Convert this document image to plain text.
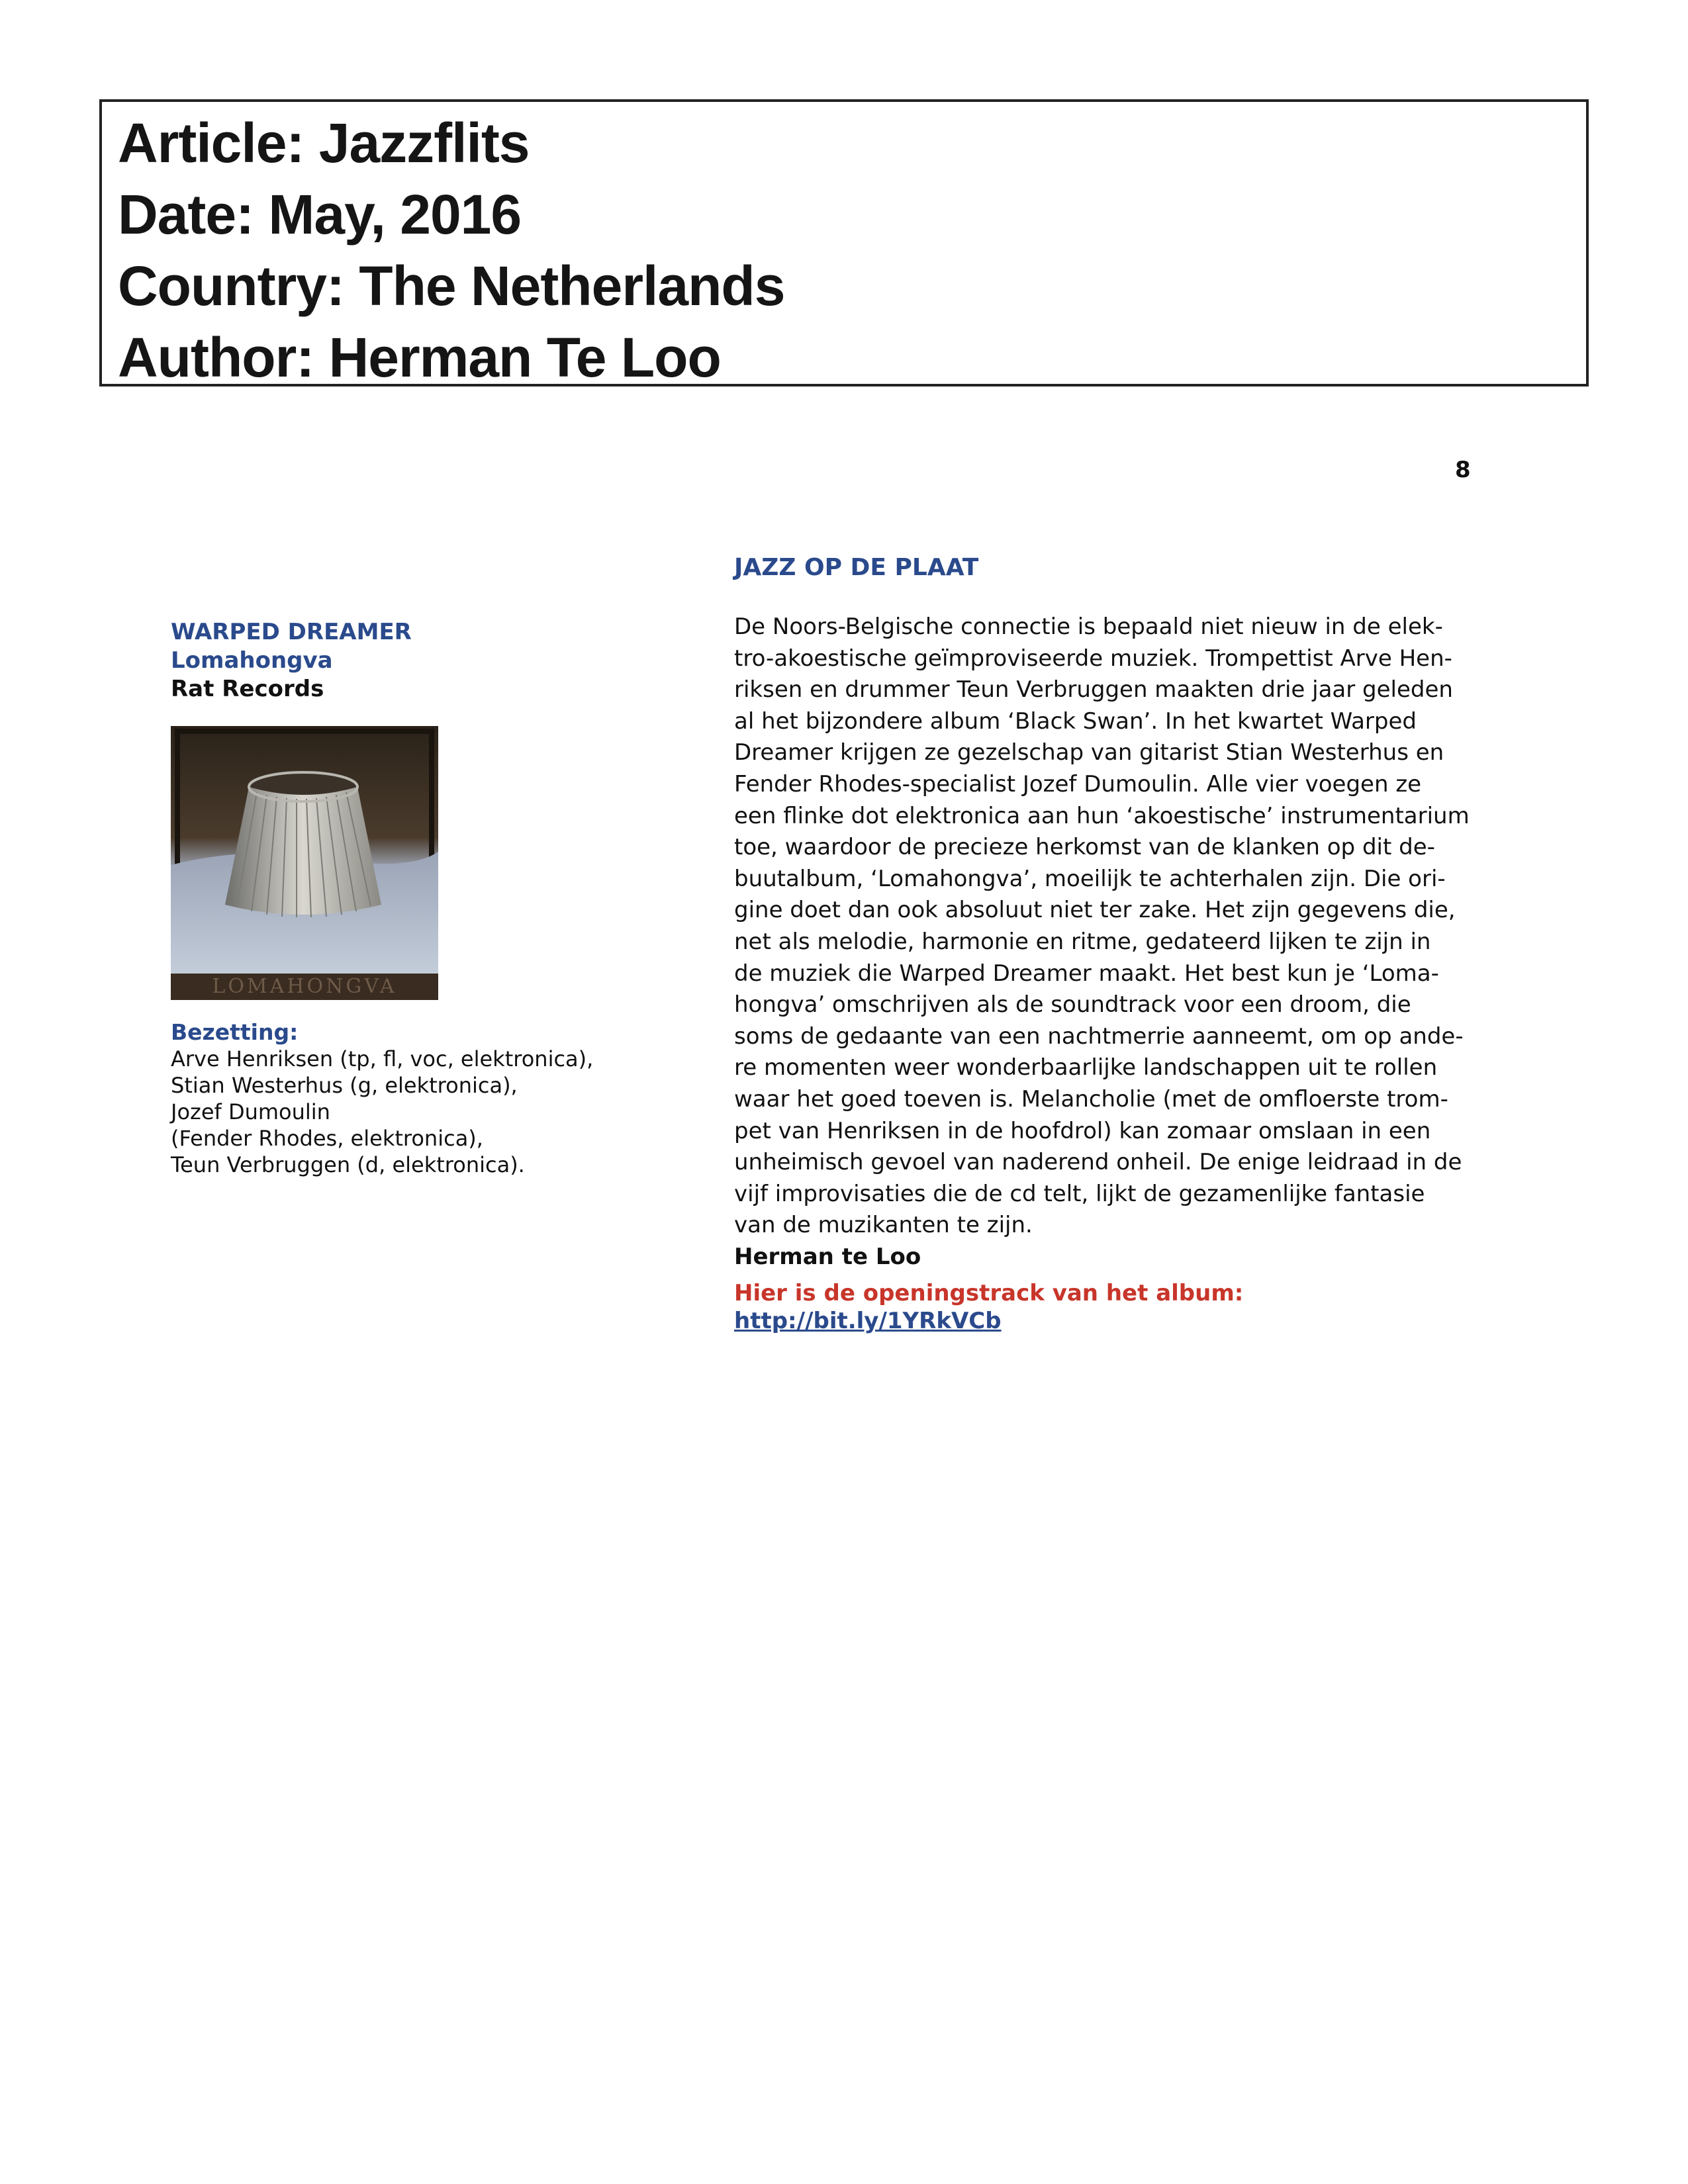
Article: Jazzflits
Date: May, 2016
Country: The Netherlands
Author: Herman Te Loo
8
WARPED DREAMER
Lomahongva
Rat Records
LOMAHONGVA
Bezetting:
Arve Henriksen (tp, fl, voc, elektronica),
Stian Westerhus (g, elektronica),
Jozef Dumoulin
(Fender Rhodes, elektronica),
Teun Verbruggen (d, elektronica).
JAZZ OP DE PLAAT
De Noors-Belgische connectie is bepaald niet nieuw in de elek-
tro-akoestische geïmproviseerde muziek. Trompettist Arve Hen-
riksen en drummer Teun Verbruggen maakten drie jaar geleden
al het bijzondere album ‘Black Swan’. In het kwartet Warped
Dreamer krijgen ze gezelschap van gitarist Stian Westerhus en
Fender Rhodes-specialist Jozef Dumoulin. Alle vier voegen ze
een flinke dot elektronica aan hun ‘akoestische’ instrumentarium
toe, waardoor de precieze herkomst van de klanken op dit de-
buutalbum, ‘Lomahongva’, moeilijk te achterhalen zijn. Die ori-
gine doet dan ook absoluut niet ter zake. Het zijn gegevens die,
net als melodie, harmonie en ritme, gedateerd lijken te zijn in
de muziek die Warped Dreamer maakt. Het best kun je ‘Loma-
hongva’ omschrijven als de soundtrack voor een droom, die
soms de gedaante van een nachtmerrie aanneemt, om op ande-
re momenten weer wonderbaarlijke landschappen uit te rollen
waar het goed toeven is. Melancholie (met de omfloerste trom-
pet van Henriksen in de hoofdrol) kan zomaar omslaan in een
unheimisch gevoel van naderend onheil. De enige leidraad in de
vijf improvisaties die de cd telt, lijkt de gezamenlijke fantasie
van de muzikanten te zijn.
Herman te Loo
Hier is de openingstrack van het album:
http://bit.ly/1YRkVCb
